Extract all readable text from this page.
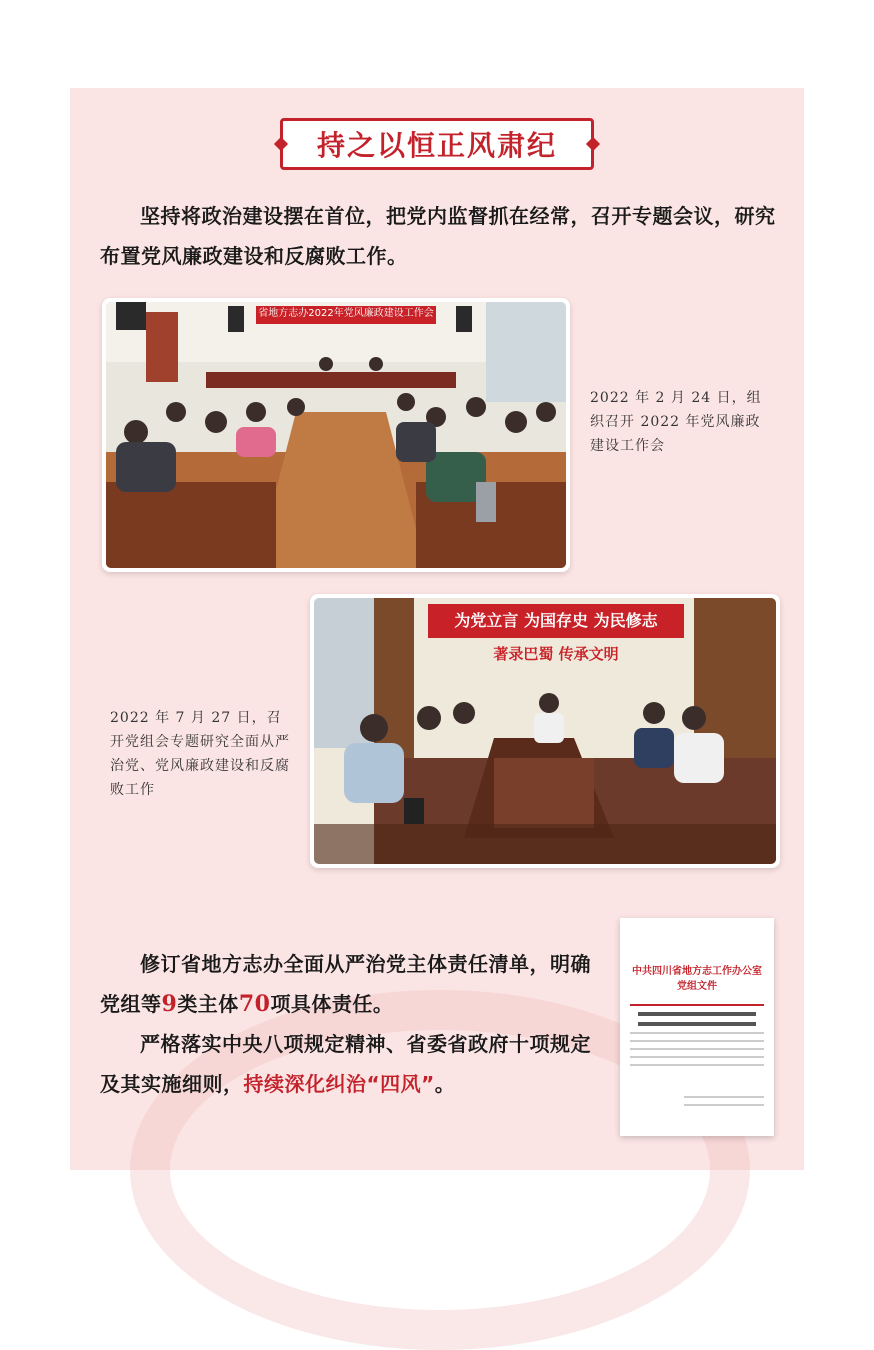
持之以恒正风肃纪
坚持将政治建设摆在首位，把党内监督抓在经常，召开专题会议，研究布置党风廉政建设和反腐败工作。
省地方志办2022年党风廉政建设工作会
2022 年 2 月 24 日，组织召开 2022 年党风廉政建设工作会
为党立言 为国存史 为民修志
著录巴蜀 传承文明
2022 年 7 月 27 日，召开党组会专题研究全面从严治党、党风廉政建设和反腐败工作
修订省地方志办全面从严治党主体责任清单，明确党组等9类主体70项具体责任。
严格落实中央八项规定精神、省委省政府十项规定及其实施细则，持续深化纠治“四风”。
中共四川省地方志工作办公室党组文件
